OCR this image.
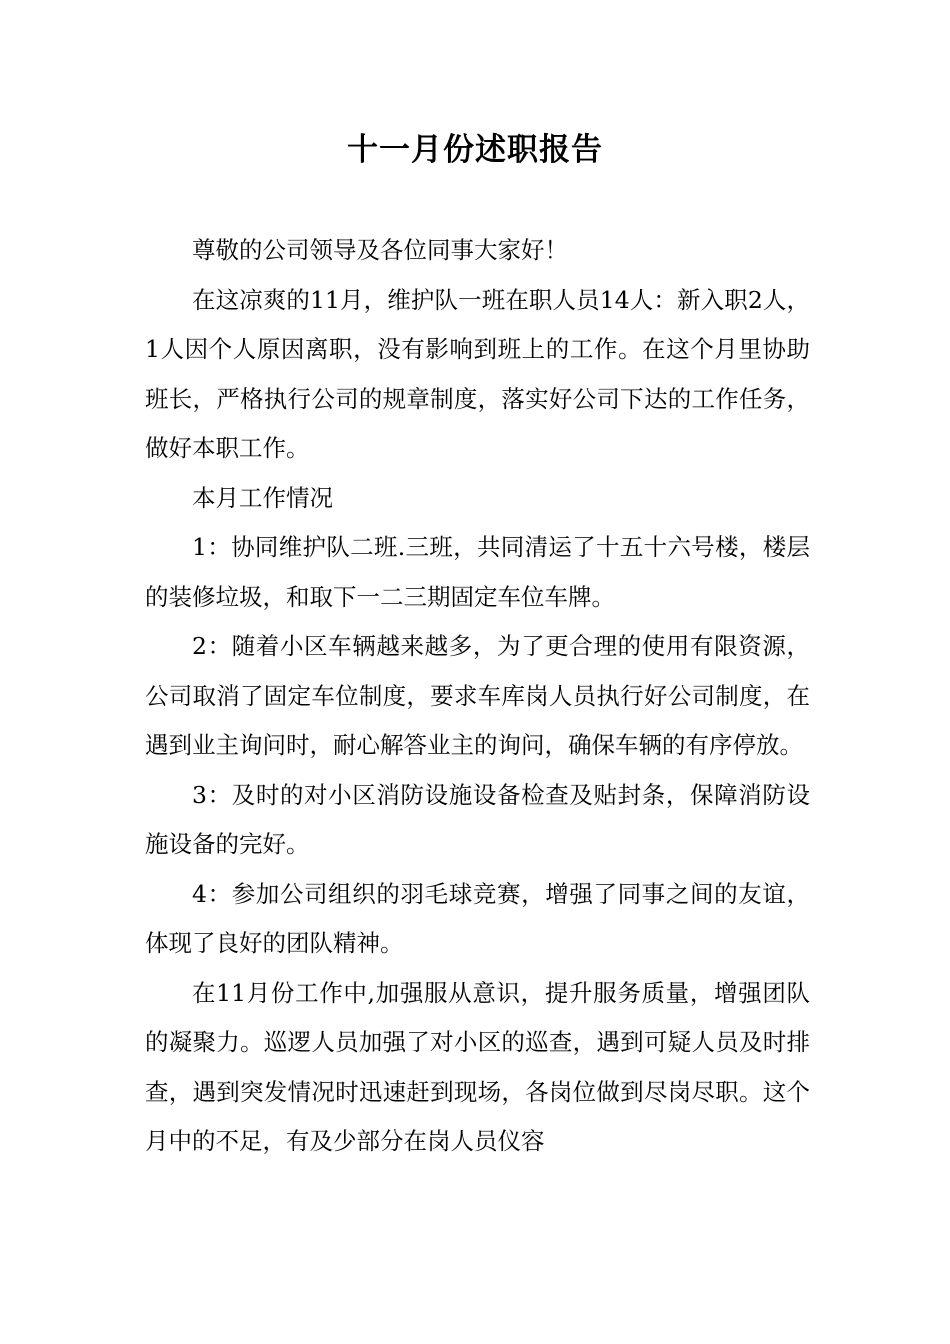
十一月份述职报告

尊敬的公司领导及各位同事大家好！

在这凉爽的11月，维护队一班在职人员14人：新入职2人，1人因个人原因离职，没有影响到班上的工作。在这个月里协助班长，严格执行公司的规章制度，落实好公司下达的工作任务，做好本职工作。

本月工作情况

1：协同维护队二班.三班，共同清运了十五十六号楼，楼层的装修垃圾，和取下一二三期固定车位车牌。

2：随着小区车辆越来越多，为了更合理的使用有限资源，公司取消了固定车位制度，要求车库岗人员执行好公司制度，在遇到业主询问时，耐心解答业主的询问，确保车辆的有序停放。

3：及时的对小区消防设施设备检查及贴封条，保障消防设施设备的完好。

4：参加公司组织的羽毛球竞赛，增强了同事之间的友谊，体现了良好的团队精神。

在11月份工作中,加强服从意识，提升服务质量，增强团队的凝聚力。巡逻人员加强了对小区的巡查，遇到可疑人员及时排查，遇到突发情况时迅速赶到现场，各岗位做到尽岗尽职。这个月中的不足，有及少部分在岗人员仪容
